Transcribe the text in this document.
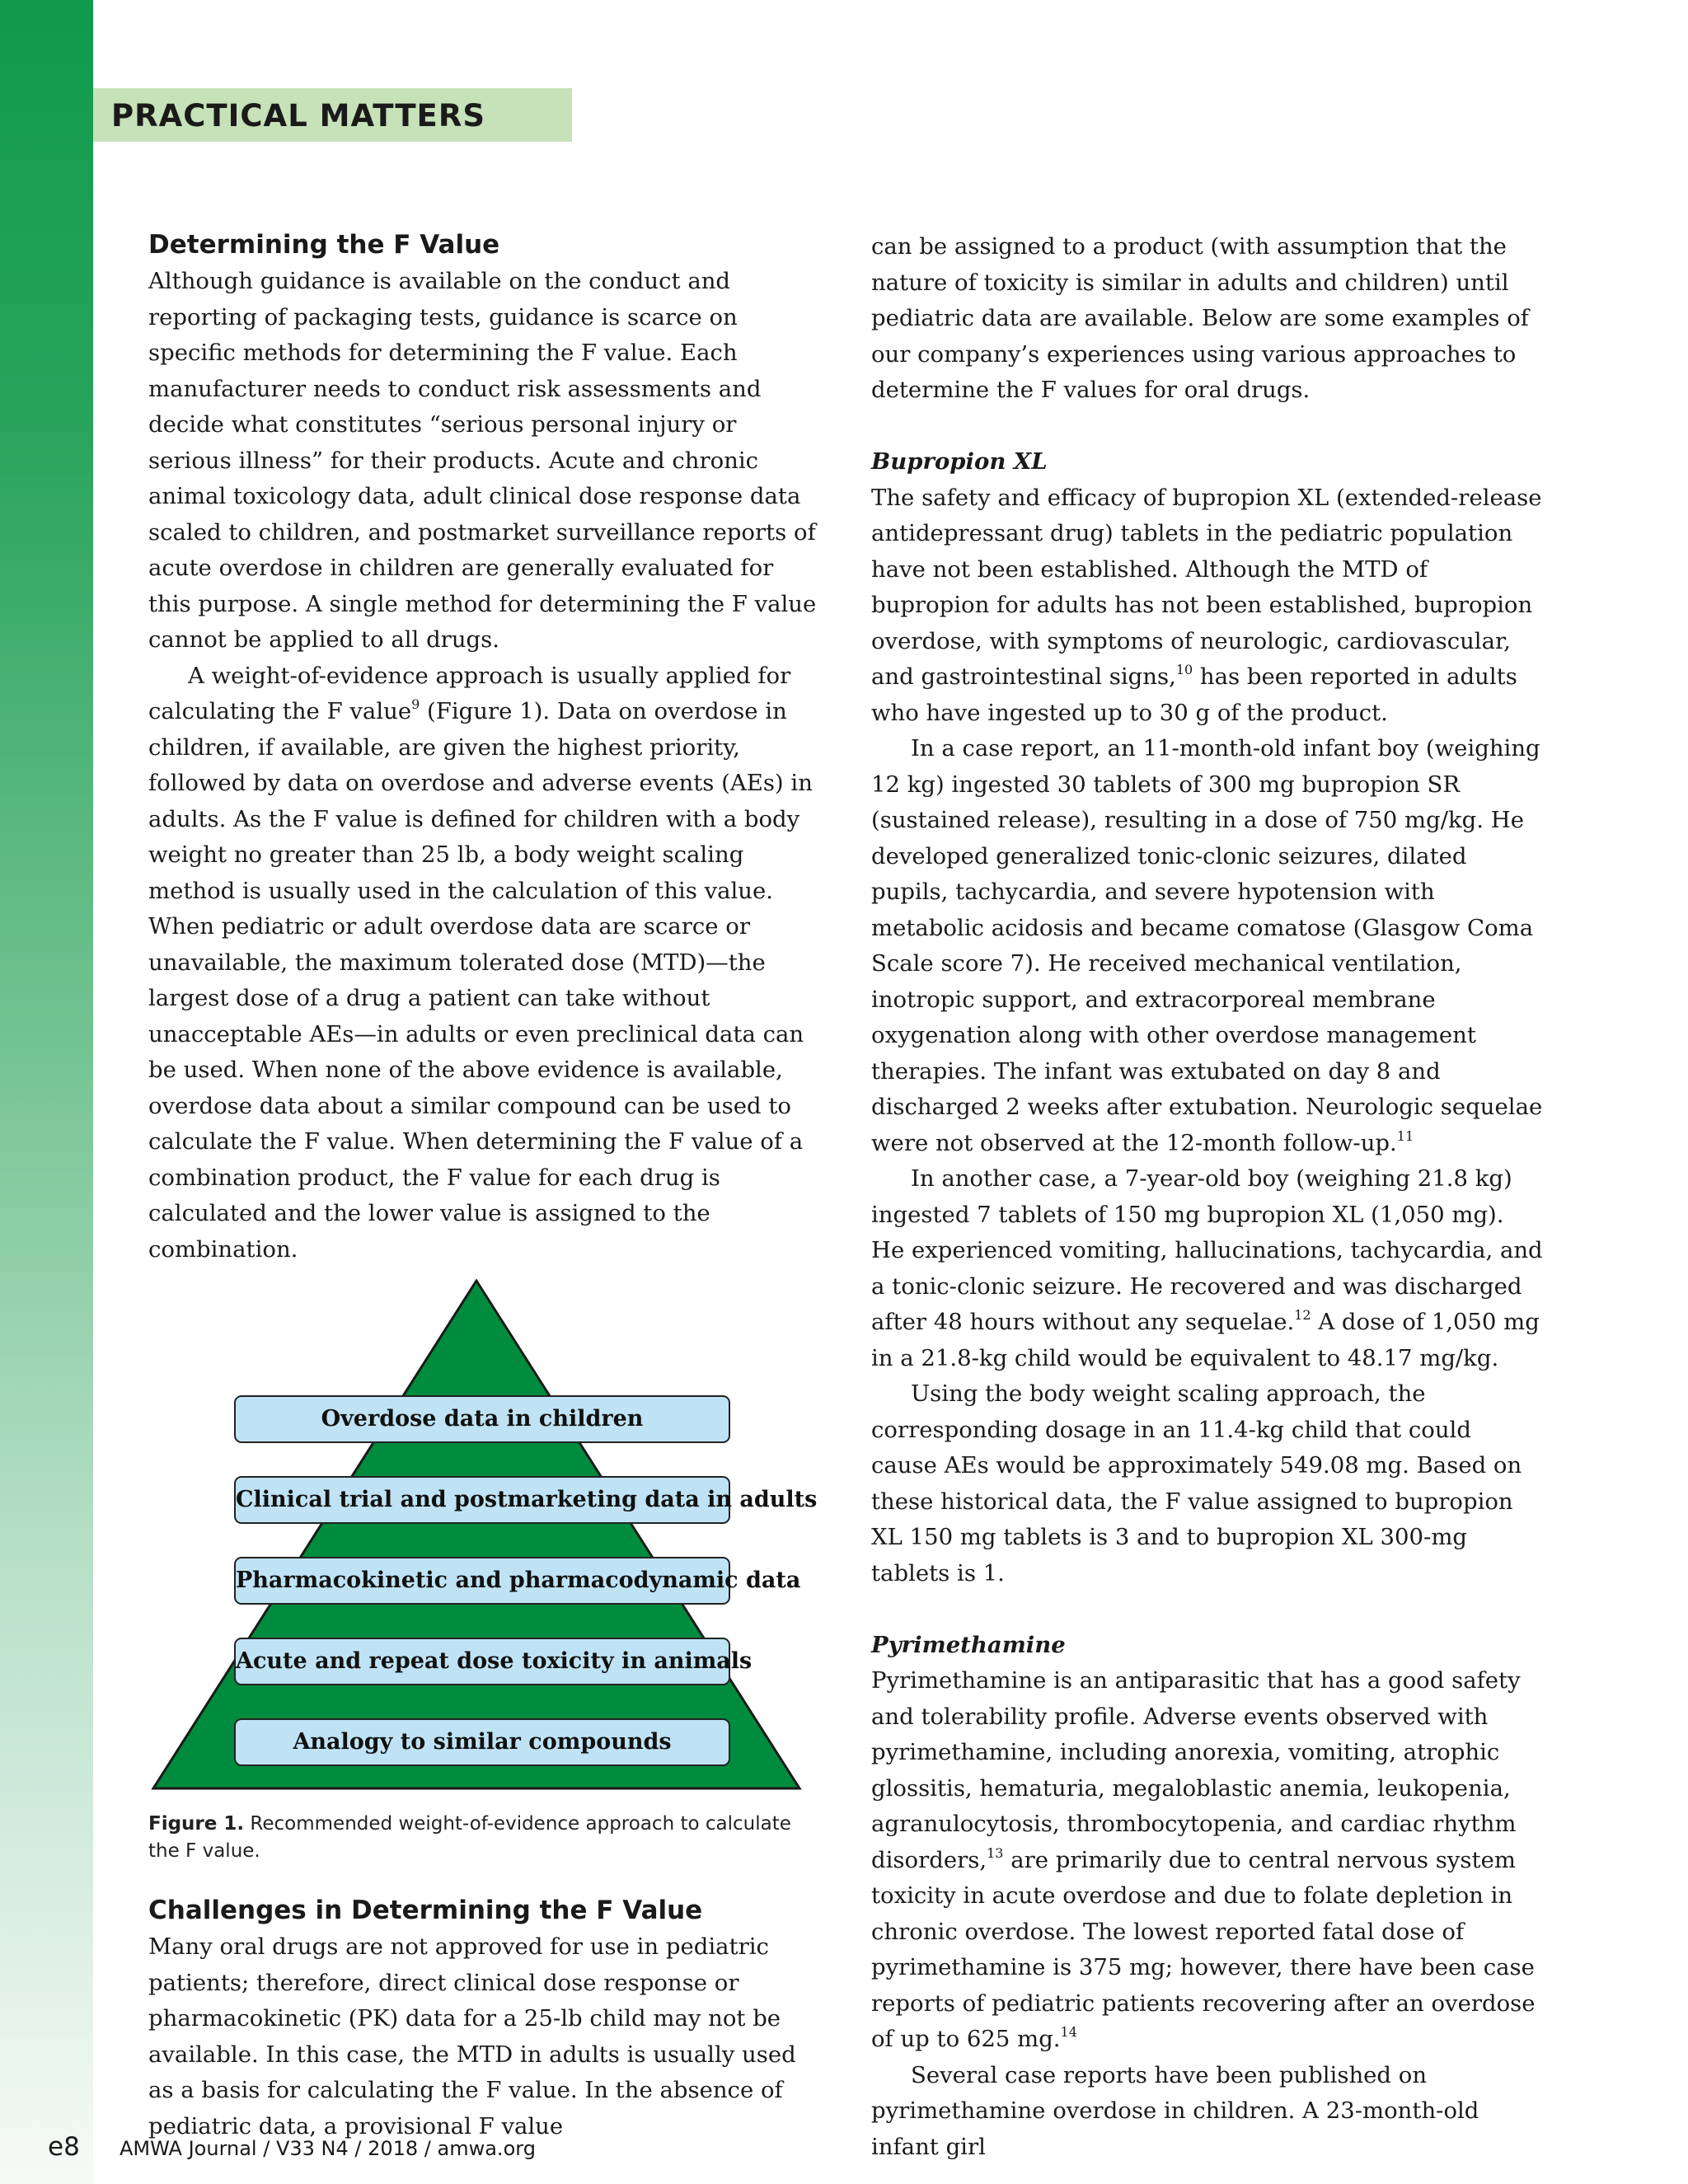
PRACTICAL MATTERS
Determining the F Value

Although guidance is available on the conduct and reporting of packaging tests, guidance is scarce on specific methods for determining the F value. Each manufacturer needs to conduct risk assessments and decide what constitutes “serious personal injury or serious illness” for their products. Acute and chronic animal toxicology data, adult clinical dose response data scaled to children, and postmarket surveillance reports of acute overdose in children are generally evaluated for this purpose. A single method for determining the F value cannot be applied to all drugs.

A weight-of-evidence approach is usually applied for calculating the F value$^9$ (Figure 1). Data on overdose in children, if available, are given the highest priority, followed by data on overdose and adverse events (AEs) in adults. As the F value is defined for children with a body weight no greater than 25 lb, a body weight scaling method is usually used in the calculation of this value. When pediatric or adult overdose data are scarce or unavailable, the maximum tolerated dose (MTD)—the largest dose of a drug a patient can take without unacceptable AEs—in adults or even preclinical data can be used. When none of the above evidence is available, overdose data about a similar compound can be used to calculate the F value. When determining the F value of a combination product, the F value for each drug is calculated and the lower value is assigned to the combination.

Overdose data in children
Clinical trial and postmarketing data in adults
Pharmacokinetic and pharmacodynamic data
Acute and repeat dose toxicity in animals
Analogy to similar compounds

Figure 1. Recommended weight-of-evidence approach to calculate the F value.

Challenges in Determining the F Value

Many oral drugs are not approved for use in pediatric patients; therefore, direct clinical dose response or pharmacokinetic (PK) data for a 25-lb child may not be available. In this case, the MTD in adults is usually used as a basis for calculating the F value. In the absence of pediatric data, a provisional F value

can be assigned to a product (with assumption that the nature of toxicity is similar in adults and children) until pediatric data are available. Below are some examples of our company’s experiences using various approaches to determine the F values for oral drugs.

Bupropion XL

The safety and efficacy of bupropion XL (extended-release antidepressant drug) tablets in the pediatric population have not been established. Although the MTD of bupropion for adults has not been established, bupropion overdose, with symptoms of neurologic, cardiovascular, and gastrointestinal signs,$^{10}$ has been reported in adults who have ingested up to 30 g of the product.

In a case report, an 11-month-old infant boy (weighing 12 kg) ingested 30 tablets of 300 mg bupropion SR (sustained release), resulting in a dose of 750 mg/kg. He developed generalized tonic-clonic seizures, dilated pupils, tachycardia, and severe hypotension with metabolic acidosis and became comatose (Glasgow Coma Scale score 7). He received mechanical ventilation, inotropic support, and extracorporeal membrane oxygenation along with other overdose management therapies. The infant was extubated on day 8 and discharged 2 weeks after extubation. Neurologic sequelae were not observed at the 12-month follow-up.$^{11}$

In another case, a 7-year-old boy (weighing 21.8 kg) ingested 7 tablets of 150 mg bupropion XL (1,050 mg). He experienced vomiting, hallucinations, tachycardia, and a tonic-clonic seizure. He recovered and was discharged after 48 hours without any sequelae.$^{12}$ A dose of 1,050 mg in a 21.8-kg child would be equivalent to 48.17 mg/kg.

Using the body weight scaling approach, the corresponding dosage in an 11.4-kg child that could cause AEs would be approximately 549.08 mg. Based on these historical data, the F value assigned to bupropion XL 150 mg tablets is 3 and to bupropion XL 300-mg tablets is 1.

Pyrimethamine

Pyrimethamine is an antiparasitic that has a good safety and tolerability profile. Adverse events observed with pyrimethamine, including anorexia, vomiting, atrophic glossitis, hematuria, megaloblastic anemia, leukopenia, agranulocytosis, thrombocytopenia, and cardiac rhythm disorders,$^{13}$ are primarily due to central nervous system toxicity in acute overdose and due to folate depletion in chronic overdose. The lowest reported fatal dose of pyrimethamine is 375 mg; however, there have been case reports of pediatric patients recovering after an overdose of up to 625 mg.$^{14}$

Several case reports have been published on pyrimethamine overdose in children. A 23-month-old infant girl

e8 AMWA Journal / V33 N4 / 2018 / amwa.org
